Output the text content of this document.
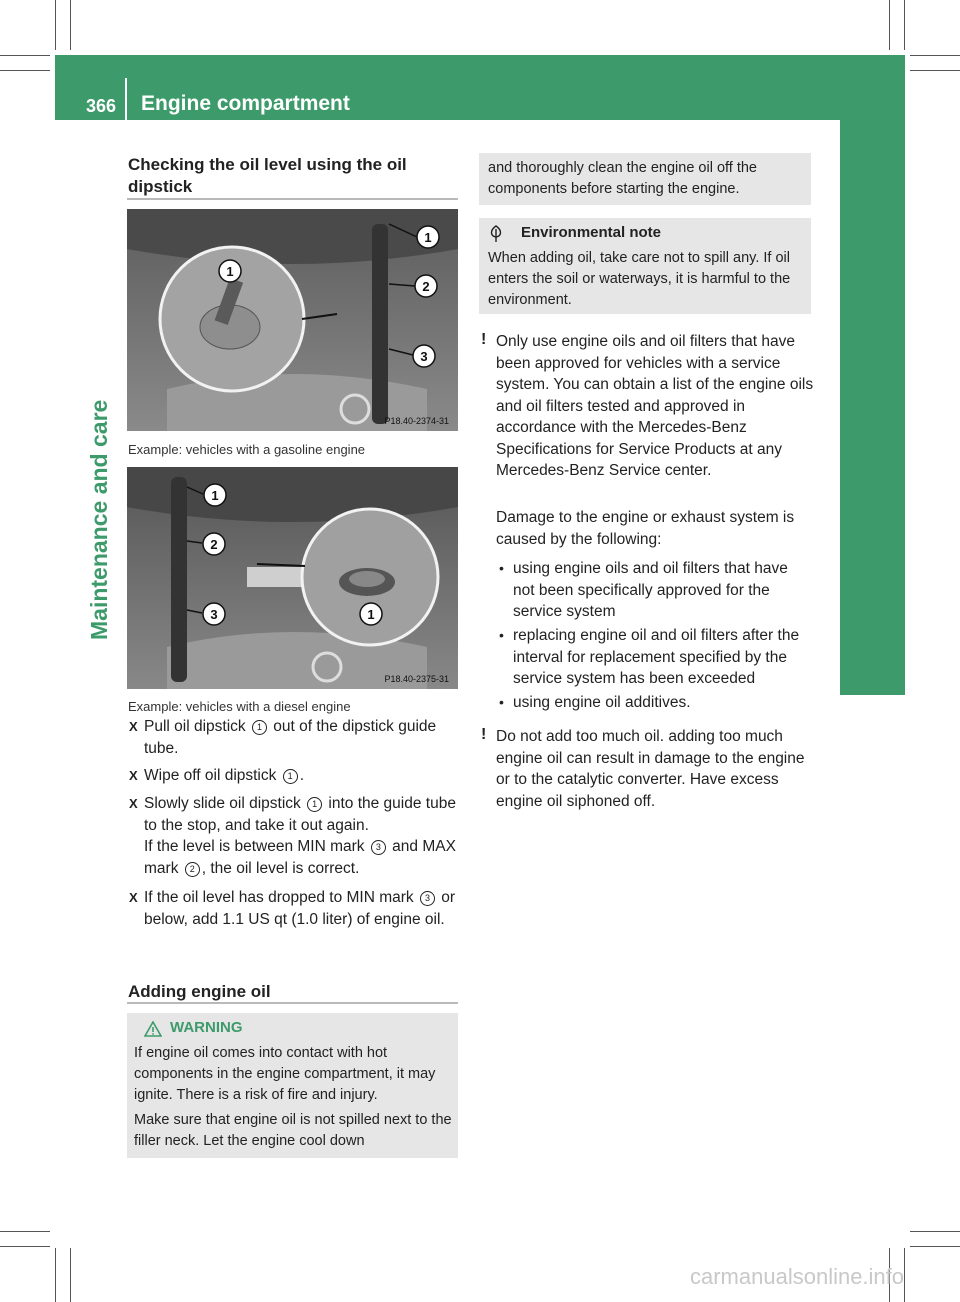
366 Engine compartment
Maintenance and care
Checking the oil level using the oil dipstick
1
1
2
3
P18.40-2374-31
Example: vehicles with a gasoline engine
1
2
3	1
P18.40-2375-31
Example: vehicles with a diesel engine
X Pull oil dipstick 1 out of the dipstick guide tube.
X Wipe off oil dipstick 1 .
X Slowly slide oil dipstick 1 into the guide tube to the stop, and take it out again.
If the level is between MIN mark 3 and MAX mark 2 , the oil level is correct.
X If the oil level has dropped to MIN mark 3 or below, add 1.1 US qt (1.0 liter) of engine oil.
Adding engine oil
WARNING
If engine oil comes into contact with hot components in the engine compartment, it may ignite. There is a risk of fire and injury.
Make sure that engine oil is not spilled next to the filler neck. Let the engine cool down
and thoroughly clean the engine oil off the components before starting the engine.
Environmental note
When adding oil, take care not to spill any. If oil enters the soil or waterways, it is harmful to the environment.
! Only use engine oils and oil filters that have been approved for vehicles with a service system. You can obtain a list of the engine oils and oil filters tested and approved in accordance with the Mercedes-Benz Specifications for Service Products at any Mercedes-Benz Service center.
Damage to the engine or exhaust system is caused by the following:
• using engine oils and oil filters that have not been specifically approved for the service system
• replacing engine oil and oil filters after the interval for replacement specified by the service system has been exceeded
• using engine oil additives.
! Do not add too much oil. adding too much engine oil can result in damage to the engine or to the catalytic converter. Have excess engine oil siphoned off.
carmanualsonline.info
